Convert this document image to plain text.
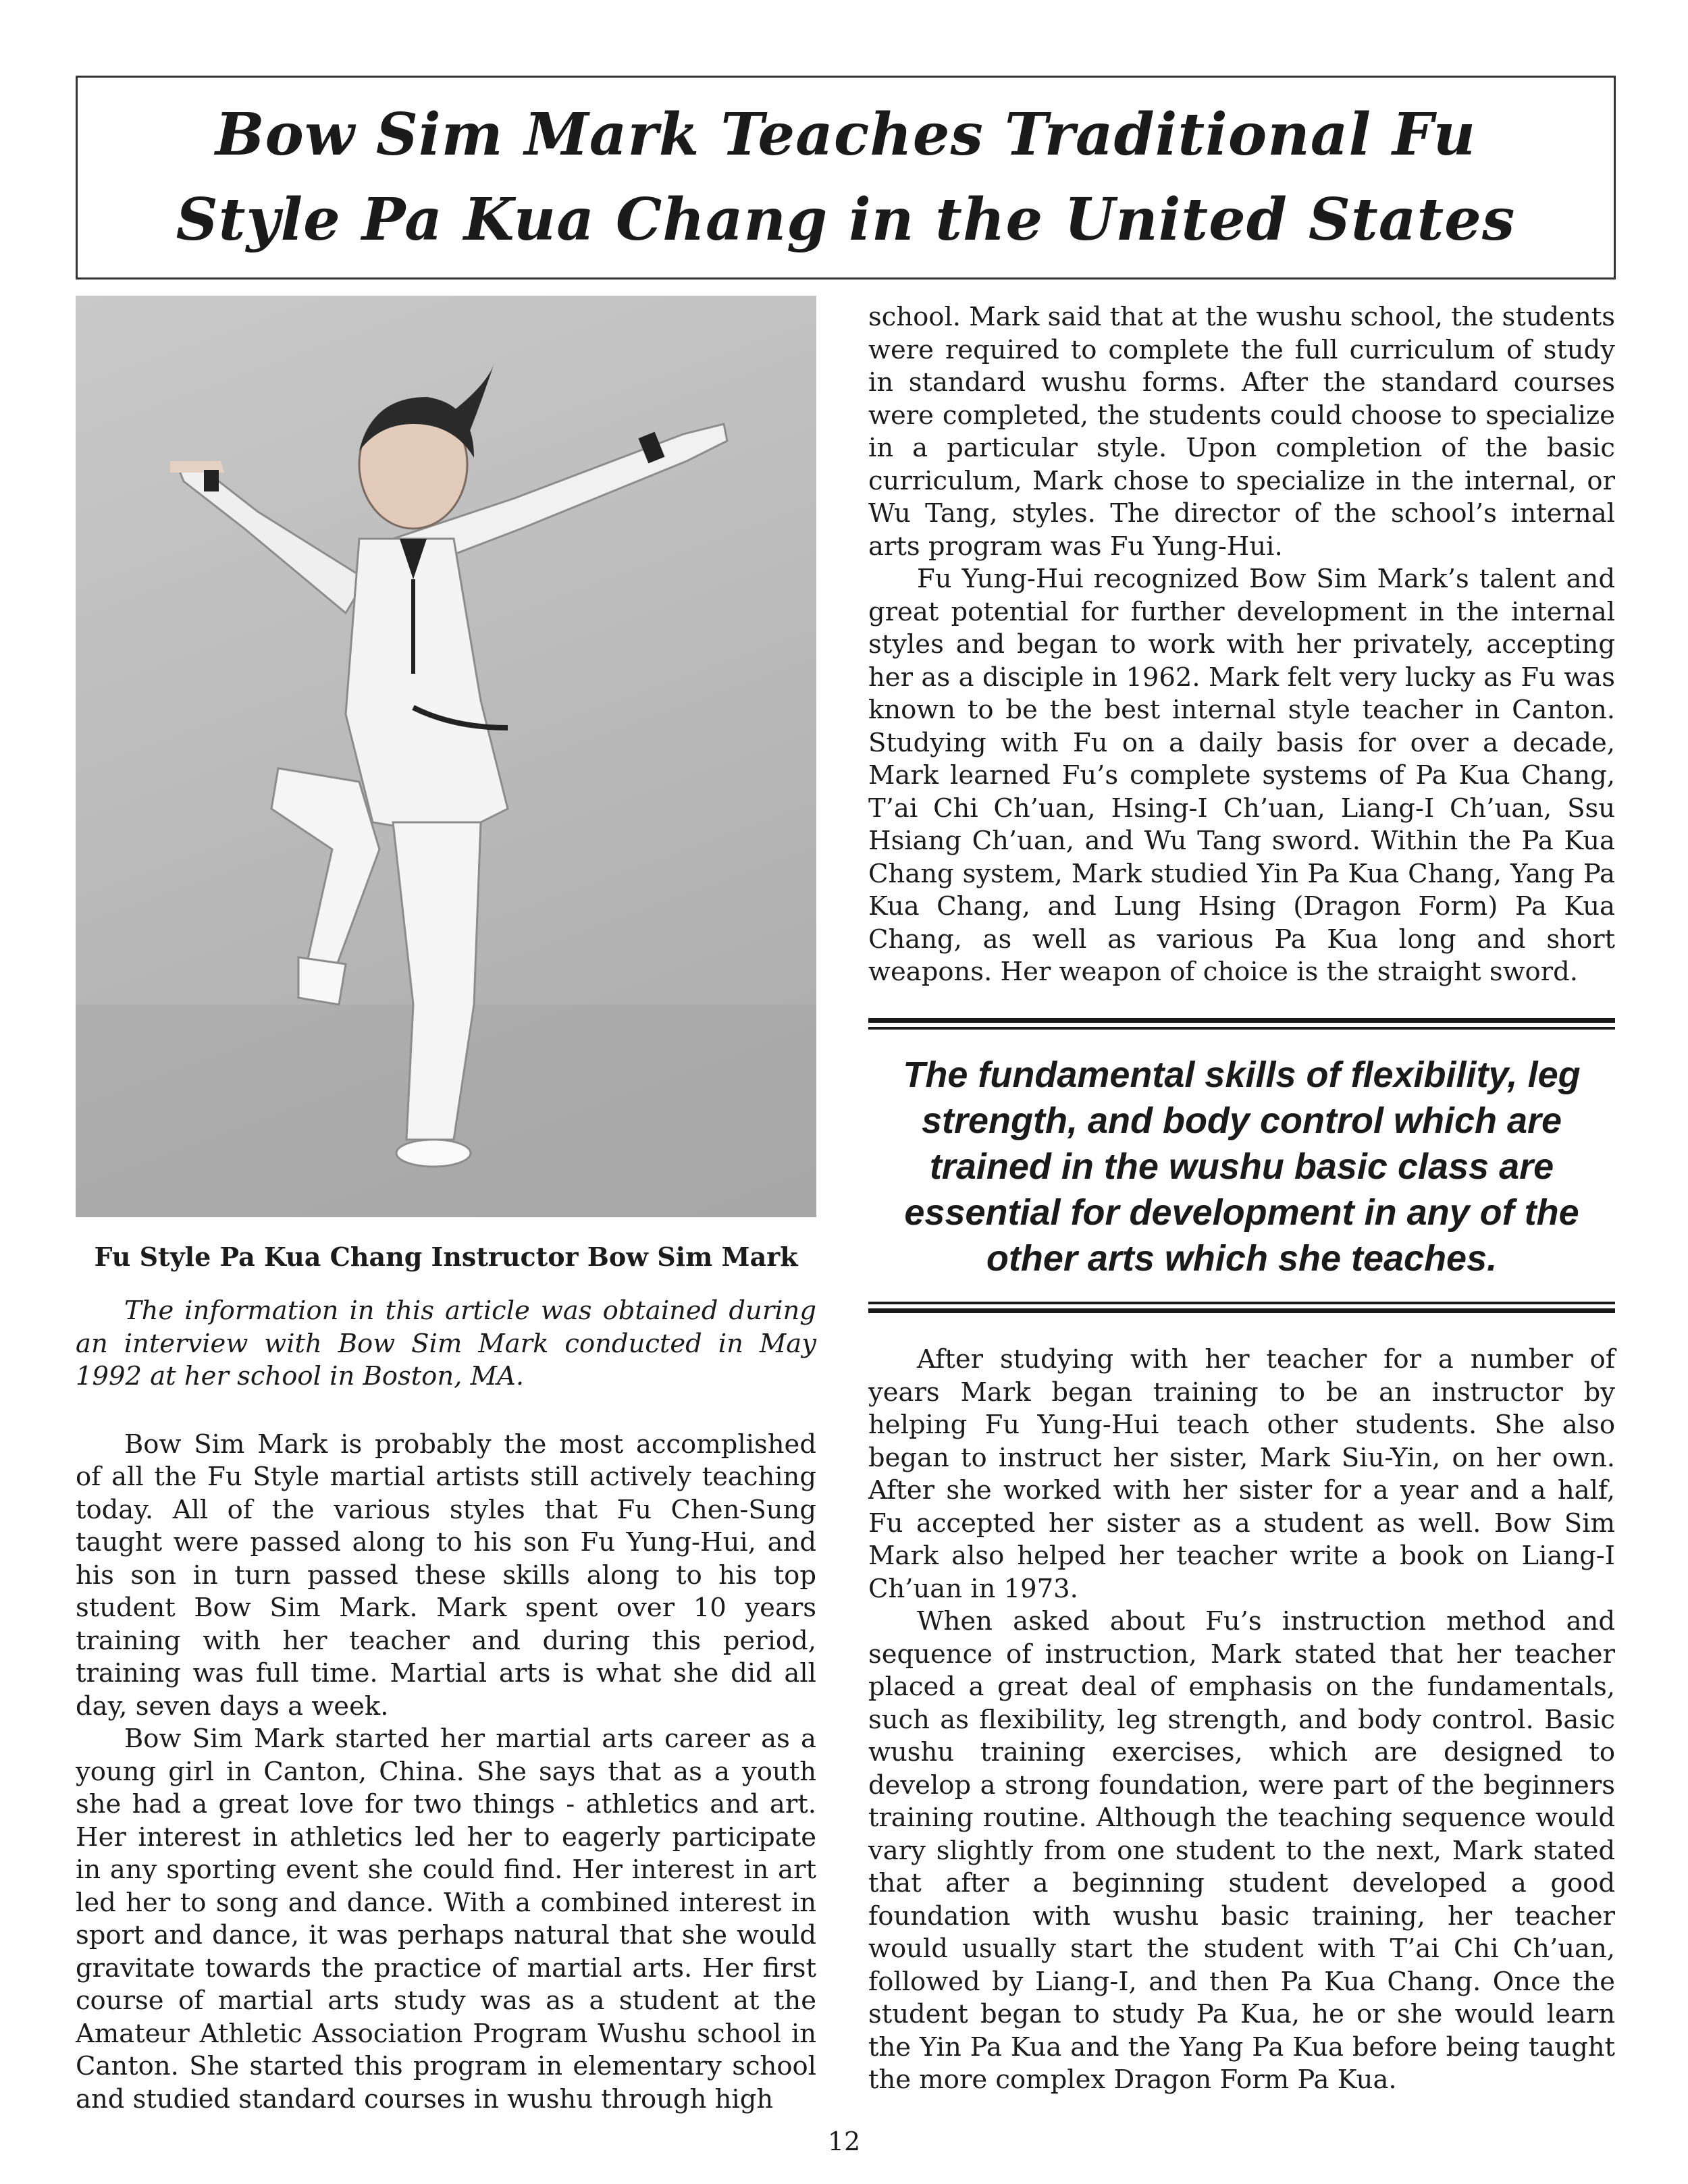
Bow Sim Mark Teaches Traditional Fu
Style Pa Kua Chang in the United States
Fu Style Pa Kua Chang Instructor Bow Sim Mark

The information in this article was obtained during an interview with Bow Sim Mark conducted in May 1992 at her school in Boston, MA.

Bow Sim Mark is probably the most accomplished of all the Fu Style martial artists still actively teaching today. All of the various styles that Fu Chen-Sung taught were passed along to his son Fu Yung-Hui, and his son in turn passed these skills along to his top student Bow Sim Mark. Mark spent over 10 years training with her teacher and during this period, training was full time. Martial arts is what she did all day, seven days a week.

Bow Sim Mark started her martial arts career as a young girl in Canton, China. She says that as a youth she had a great love for two things - athletics and art. Her interest in athletics led her to eagerly participate in any sporting event she could find. Her interest in art led her to song and dance. With a combined interest in sport and dance, it was perhaps natural that she would gravitate towards the practice of martial arts. Her first course of martial arts study was as a student at the Amateur Athletic Association Program Wushu school in Canton. She started this program in elementary school and studied standard courses in wushu through high

school. Mark said that at the wushu school, the students were required to complete the full curriculum of study in standard wushu forms. After the standard courses were completed, the students could choose to specialize in a particular style. Upon completion of the basic curriculum, Mark chose to specialize in the internal, or Wu Tang, styles. The director of the school’s internal arts program was Fu Yung-Hui.

Fu Yung-Hui recognized Bow Sim Mark’s talent and great potential for further development in the internal styles and began to work with her privately, accepting her as a disciple in 1962. Mark felt very lucky as Fu was known to be the best internal style teacher in Canton. Studying with Fu on a daily basis for over a decade, Mark learned Fu’s complete systems of Pa Kua Chang, T’ai Chi Ch’uan, Hsing-I Ch’uan, Liang-I Ch’uan, Ssu Hsiang Ch’uan, and Wu Tang sword. Within the Pa Kua Chang system, Mark studied Yin Pa Kua Chang, Yang Pa Kua Chang, and Lung Hsing (Dragon Form) Pa Kua Chang, as well as various Pa Kua long and short weapons. Her weapon of choice is the straight sword.

The fundamental skills of flexibility, leg strength, and body control which are trained in the wushu basic class are essential for development in any of the other arts which she teaches.

After studying with her teacher for a number of years Mark began training to be an instructor by helping Fu Yung-Hui teach other students. She also began to instruct her sister, Mark Siu-Yin, on her own. After she worked with her sister for a year and a half, Fu accepted her sister as a student as well. Bow Sim Mark also helped her teacher write a book on Liang-I Ch’uan in 1973.

When asked about Fu’s instruction method and sequence of instruction, Mark stated that her teacher placed a great deal of emphasis on the fundamentals, such as flexibility, leg strength, and body control. Basic wushu training exercises, which are designed to develop a strong foundation, were part of the beginners training routine. Although the teaching sequence would vary slightly from one student to the next, Mark stated that after a beginning student developed a good foundation with wushu basic training, her teacher would usually start the student with T’ai Chi Ch’uan, followed by Liang-I, and then Pa Kua Chang. Once the student began to study Pa Kua, he or she would learn the Yin Pa Kua and the Yang Pa Kua before being taught the more complex Dragon Form Pa Kua.

12
